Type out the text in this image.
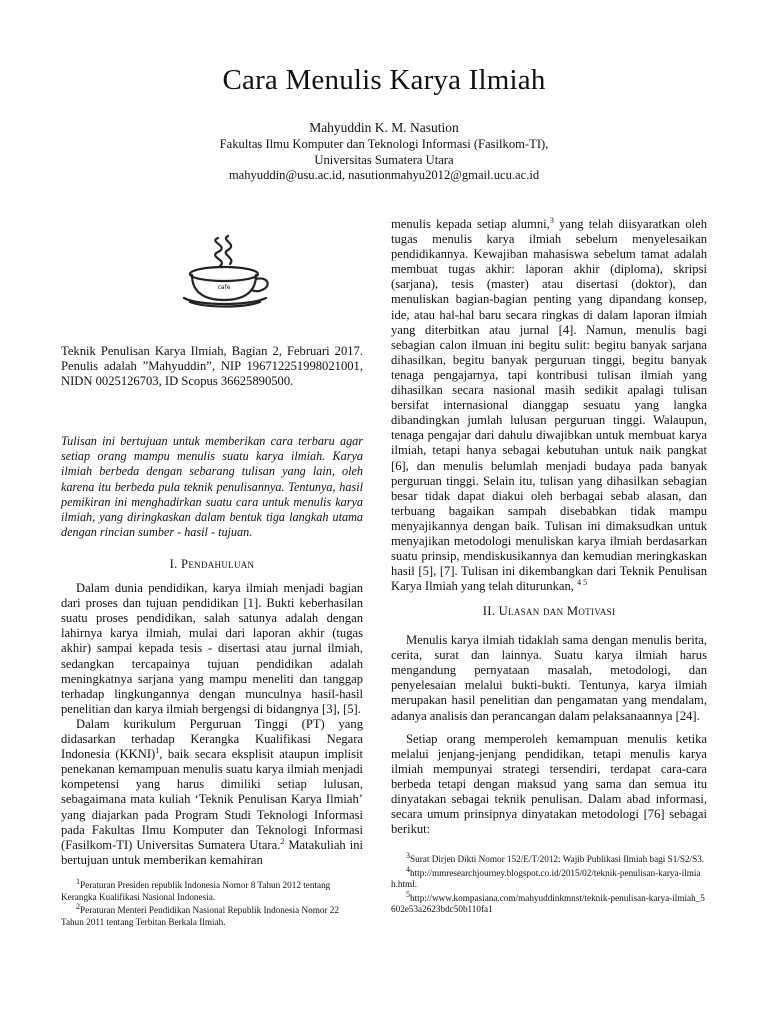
Cara Menulis Karya Ilmiah
Mahyuddin K. M. Nasution
Fakultas Ilmu Komputer dan Teknologi Informasi (Fasilkom-TI),
Universitas Sumatera Utara
mahyuddin@usu.ac.id, nasutionmahyu2012@gmail.ucu.ac.id
cafe

Teknik Penulisan Karya Ilmiah, Bagian 2, Februari 2017. Penulis adalah ”Mahyuddin”, NIP 196712251998021001, NIDN 0025126703, ID Scopus 36625890500.

Tulisan ini bertujuan untuk memberikan cara terbaru agar setiap orang mampu menulis suatu karya ilmiah. Karya ilmiah berbeda dengan sebarang tulisan yang lain, oleh karena itu berbeda pula teknik penulisannya. Tentunya, hasil pemikiran ini menghadirkan suatu cara untuk menulis karya ilmiah, yang diringkaskan dalam bentuk tiga langkah utama dengan rincian sumber - hasil - tujuan.

I. Pendahuluan

Dalam dunia pendidikan, karya ilmiah menjadi bagian dari proses dan tujuan pendidikan [1]. Bukti keberhasilan suatu proses pendidikan, salah satunya adalah dengan lahirnya karya ilmiah, mulai dari laporan akhir (tugas akhir) sampai kepada tesis - disertasi atau jurnal ilmiah, sedangkan tercapainya tujuan pendidikan adalah meningkatnya sarjana yang mampu meneliti dan tanggap terhadap lingkungannya dengan munculnya hasil-hasil penelitian dan karya ilmiah bergengsi di bidangnya [3], [5].

Dalam kurikulum Perguruan Tinggi (PT) yang didasarkan terhadap Kerangka Kualifikasi Negara Indonesia (KKNI)$^1$, baik secara eksplisit ataupun implisit penekanan kemampuan menulis suatu karya ilmiah menjadi kompetensi yang harus dimiliki setiap lulusan, sebagaimana mata kuliah ‘Teknik Penulisan Karya Ilmiah’ yang diajarkan pada Program Studi Teknologi Informasi pada Fakultas Ilmu Komputer dan Teknologi Informasi (Fasilkom-TI) Universitas Sumatera Utara.$^2$ Matakuliah ini bertujuan untuk memberikan kemahiran

$^1$Peraturan Presiden republik Indonesia Nomor 8 Tahun 2012 tentang Kerangka Kualifikasi Nasional Indonesia.

$^2$Peraturan Menteri Pendidikan Nasional Republik Indonesia Nomor 22 Tahun 2011 tentang Terbitan Berkala Ilmiah.

menulis kepada setiap alumni,$^3$ yang telah diisyaratkan oleh tugas menulis karya ilmiah sebelum menyelesaikan pendidikannya. Kewajiban mahasiswa sebelum tamat adalah membuat tugas akhir: laporan akhir (diploma), skripsi (sarjana), tesis (master) atau disertasi (doktor), dan menuliskan bagian-bagian penting yang dipandang konsep, ide, atau hal-hal baru secara ringkas di dalam laporan ilmiah yang diterbitkan atau jurnal [4]. Namun, menulis bagi sebagian calon ilmuan ini begitu sulit: begitu banyak sarjana dihasilkan, begitu banyak perguruan tinggi, begitu banyak tenaga pengajarnya, tapi kontribusi tulisan ilmiah yang dihasilkan secara nasional masih sedikit apalagi tulisan bersifat internasional dianggap sesuatu yang langka dibandingkan jumlah lulusan perguruan tinggi. Walaupun, tenaga pengajar dari dahulu diwajibkan untuk membuat karya ilmiah, tetapi hanya sebagai kebutuhan untuk naik pangkat [6], dan menulis belumlah menjadi budaya pada banyak perguruan tinggi. Selain itu, tulisan yang dihasilkan sebagian besar tidak dapat diakui oleh berbagai sebab alasan, dan terbuang bagaikan sampah disebabkan tidak mampu menyajikannya dengan baik. Tulisan ini dimaksudkan untuk menyajikan metodologi menuliskan karya ilmiah berdasarkan suatu prinsip, mendiskusikannya dan kemudian meringkaskan hasil [5], [7]. Tulisan ini dikembangkan dari Teknik Penulisan Karya Ilmiah yang telah diturunkan, $^{4 5}$

II. Ulasan dan Motivasi

Menulis karya ilmiah tidaklah sama dengan menulis berita, cerita, surat dan lainnya. Suatu karya ilmiah harus mengandung pernyataan masalah, metodologi, dan penyelesaian melalui bukti-bukti. Tentunya, karya ilmiah merupakan hasil penelitian dan pengamatan yang mendalam, adanya analisis dan perancangan dalam pelaksanaannya [24].

Setiap orang memperoleh kemampuan menulis ketika melalui jenjang-jenjang pendidikan, tetapi menulis karya ilmiah mempunyai strategi tersendiri, terdapat cara-cara berbeda tetapi dengan maksud yang sama dan semua itu dinyatakan sebagai teknik penulisan. Dalam abad informasi, secara umum prinsipnya dinyatakan metodologi [76] sebagai berikut:

$^3$Surat Dirjen Dikti Nomor 152/E/T/2012: Wajib Publikasi Ilmiah bagi S1/S2/S3.

$^4$http://mmresearchjourney.blogspot.co.id/2015/02/teknik-penulisan-karya-ilmiah.html.

$^5$http://www.kompasiana.com/mahyuddinkmnst/teknik-penulisan-karya-ilmiah_5602e53a2623bdc50b110fa1
